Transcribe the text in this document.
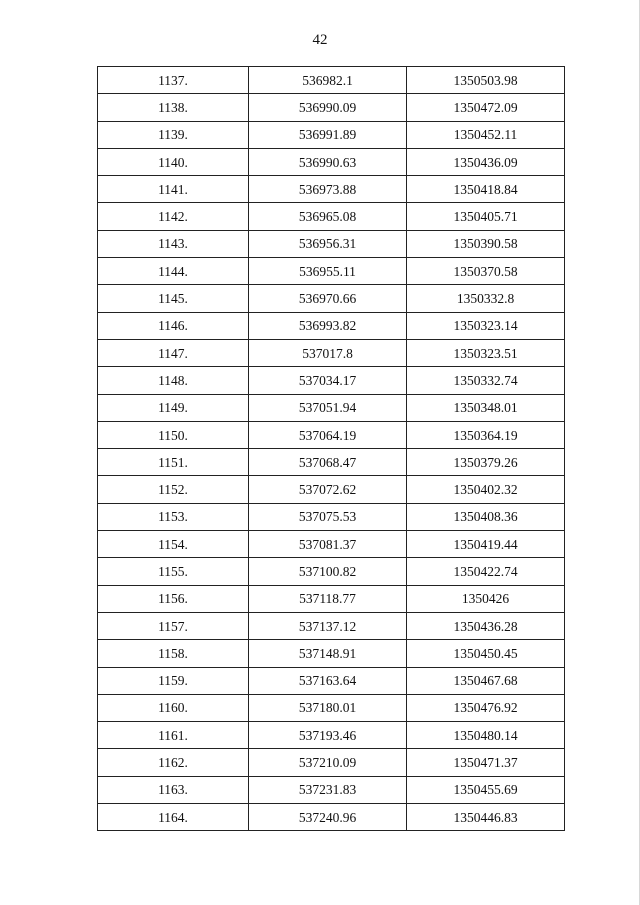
42
1137.	536982.1	1350503.98
1138.	536990.09	1350472.09
1139.	536991.89	1350452.11
1140.	536990.63	1350436.09
1141.	536973.88	1350418.84
1142.	536965.08	1350405.71
1143.	536956.31	1350390.58
1144.	536955.11	1350370.58
1145.	536970.66	1350332.8
1146.	536993.82	1350323.14
1147.	537017.8	1350323.51
1148.	537034.17	1350332.74
1149.	537051.94	1350348.01
1150.	537064.19	1350364.19
1151.	537068.47	1350379.26
1152.	537072.62	1350402.32
1153.	537075.53	1350408.36
1154.	537081.37	1350419.44
1155.	537100.82	1350422.74
1156.	537118.77	1350426
1157.	537137.12	1350436.28
1158.	537148.91	1350450.45
1159.	537163.64	1350467.68
1160.	537180.01	1350476.92
1161.	537193.46	1350480.14
1162.	537210.09	1350471.37
1163.	537231.83	1350455.69
1164.	537240.96	1350446.83
